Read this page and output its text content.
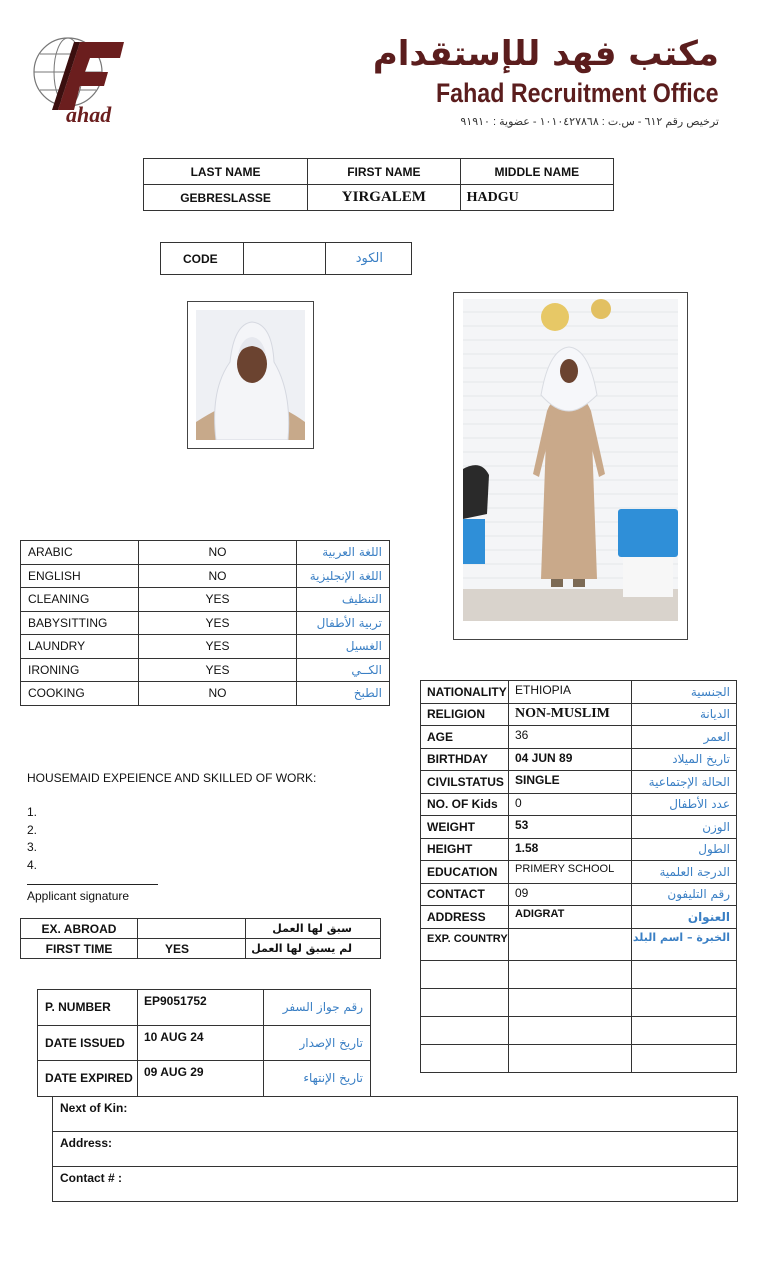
ahad
مكتب فهد للإستقدام
Fahad Recruitment Office
ترخيص رقم ٦١٢ - س.ت : ١٠١٠٤٢٧٨٦٨ - عضوية : ٩١٩١٠
LAST NAME	FIRST NAME	MIDDLE NAME
GEBRESLASSE	YIRGALEM	HADGU
CODE		الكود
ARABIC	NO	اللغة العربية
ENGLISH	NO	اللغة الإنجليزية
CLEANING	YES	التنظيف
BABYSITTING	YES	تربية الأطفال
LAUNDRY	YES	الغسيل
IRONING	YES	الكــي
COOKING	NO	الطبخ
HOUSEMAID EXPEIENCE AND SKILLED OF WORK:
1.
2.
3.
4.
Applicant signature
EX. ABROAD		سبق لها العمل
FIRST TIME	YES	لم يسبق لها العمل
P. NUMBER	EP9051752	رقم جواز السفر
DATE ISSUED	10 AUG 24	تاريخ الإصدار
DATE EXPIRED	09 AUG 29	تاريخ الإنتهاء
NATIONALITY	ETHIOPIA	الجنسية
RELIGION	NON-MUSLIM	الديانة
AGE	36	العمر
BIRTHDAY	04 JUN 89	تاريخ الميلاد
CIVILSTATUS	SINGLE	الحالة الإجتماعية
NO. OF Kids	0	عدد الأطفال
WEIGHT	53	الوزن
HEIGHT	1.58	الطول
EDUCATION	PRIMERY SCHOOL	الدرجة العلمية
CONTACT	09	رقم التليفون
ADDRESS	ADIGRAT	العنوان
EXP. COUNTRY		الخبرة – اسم البلد

Next of Kin:
Address:
Contact # :
